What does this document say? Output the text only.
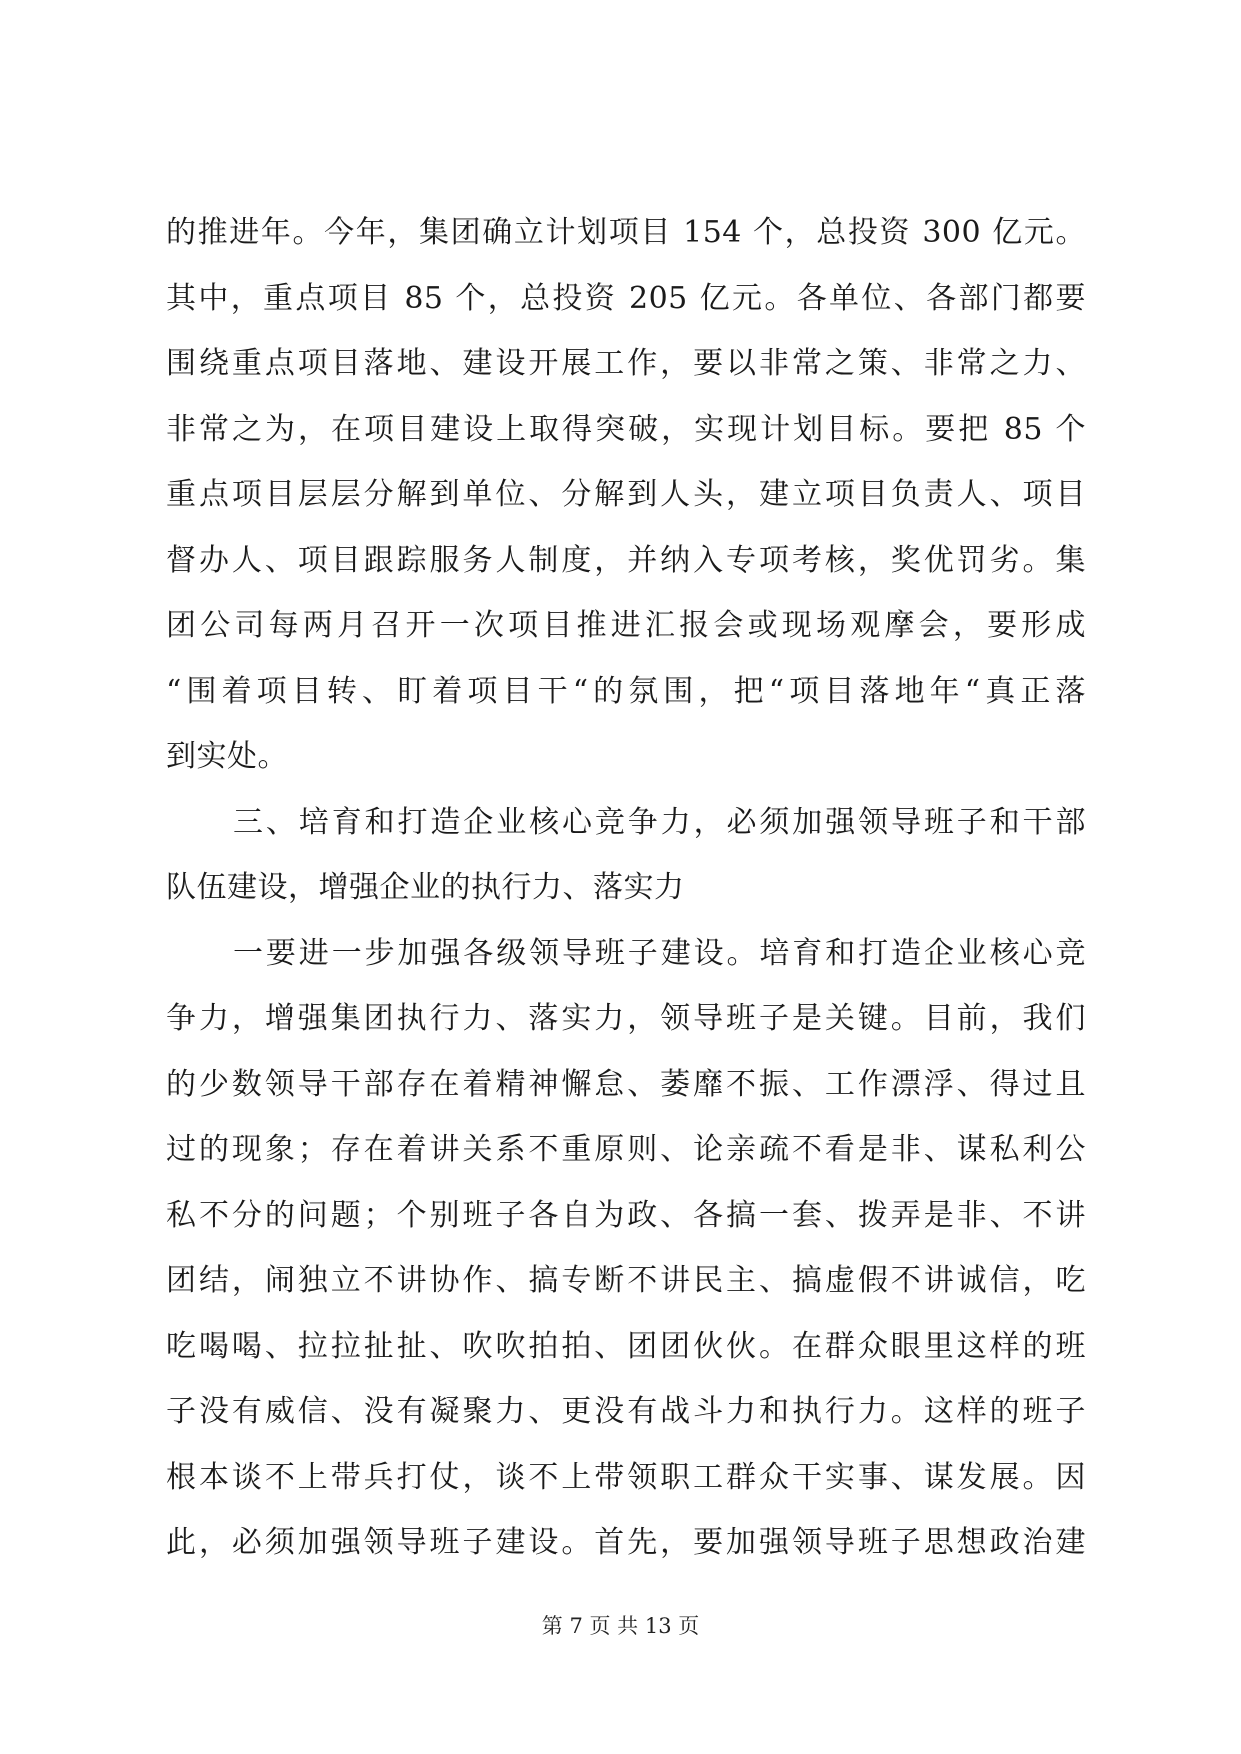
的推进年。今年，集团确立计划项目 154 个，总投资 300 亿元。
其中，重点项目 85 个，总投资 205 亿元。各单位、各部门都要
围绕重点项目落地、建设开展工作，要以非常之策、非常之力、
非常之为，在项目建设上取得突破，实现计划目标。要把 85 个
重点项目层层分解到单位、分解到人头，建立项目负责人、项目
督办人、项目跟踪服务人制度，并纳入专项考核，奖优罚劣。集
团公司每两月召开一次项目推进汇报会或现场观摩会，要形成
“围着项目转、盯着项目干“的氛围，把“项目落地年“真正落
到实处。
三、培育和打造企业核心竞争力，必须加强领导班子和干部
队伍建设，增强企业的执行力、落实力
一要进一步加强各级领导班子建设。培育和打造企业核心竞
争力，增强集团执行力、落实力，领导班子是关键。目前，我们
的少数领导干部存在着精神懈怠、萎靡不振、工作漂浮、得过且
过的现象；存在着讲关系不重原则、论亲疏不看是非、谋私利公
私不分的问题；个别班子各自为政、各搞一套、拨弄是非、不讲
团结，闹独立不讲协作、搞专断不讲民主、搞虚假不讲诚信，吃
吃喝喝、拉拉扯扯、吹吹拍拍、团团伙伙。在群众眼里这样的班
子没有威信、没有凝聚力、更没有战斗力和执行力。这样的班子
根本谈不上带兵打仗，谈不上带领职工群众干实事、谋发展。因
此，必须加强领导班子建设。首先，要加强领导班子思想政治建
第 7 页 共 13 页
